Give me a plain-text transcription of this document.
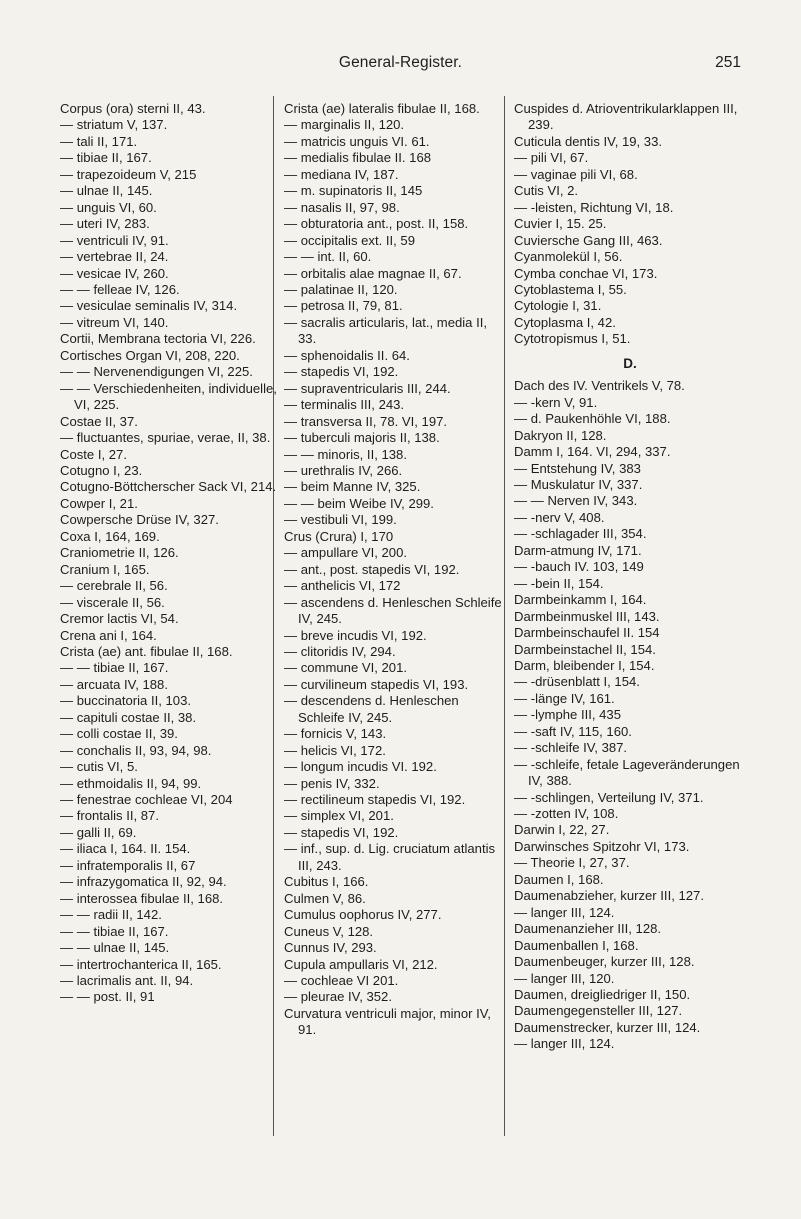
General-Register.	251

Corpus (ora) sterni II, 43.

— striatum V, 137.

— tali II, 171.

— tibiae II, 167.

— trapezoideum V, 215

— ulnae II, 145.

— unguis VI, 60.

— uteri IV, 283.

— ventriculi IV, 91.

— vertebrae II, 24.

— vesicae IV, 260.

— — felleae IV, 126.

— vesiculae seminalis IV, 314.

— vitreum VI, 140.

Cortii, Membrana tectoria VI, 226.

Cortisches Organ VI, 208, 220.

— — Nervenendigungen VI, 225.

— — Verschiedenheiten, individuelle, VI, 225.

Costae II, 37.

— fluctuantes, spuriae, verae, II, 38.

Coste I, 27.

Cotugno I, 23.

Cotugno-Böttcherscher Sack VI, 214.

Cowper I, 21.

Cowpersche Drüse IV, 327.

Coxa I, 164, 169.

Craniometrie II, 126.

Cranium I, 165.

— cerebrale II, 56.

— viscerale II, 56.

Cremor lactis VI, 54.

Crena ani I, 164.

Crista (ae) ant. fibulae II, 168.

— — tibiae II, 167.

— arcuata IV, 188.

— buccinatoria II, 103.

— capituli costae II, 38.

— colli costae II, 39.

— conchalis II, 93, 94, 98.

— cutis VI, 5.

— ethmoidalis II, 94, 99.

— fenestrae cochleae VI, 204

— frontalis II, 87.

— galli II, 69.

— iliaca I, 164. II. 154.

— infratemporalis II, 67

— infrazygomatica II, 92, 94.

— interossea fibulae II, 168.

— — radii II, 142.

— — tibiae II, 167.

— — ulnae II, 145.

— intertrochanterica II, 165.

— lacrimalis ant. II, 94.

— — post. II, 91

Crista (ae) lateralis fibulae II, 168.

— marginalis II, 120.

— matricis unguis VI. 61.

— medialis fibulae II. 168

— mediana IV, 187.

— m. supinatoris II, 145

— nasalis II, 97, 98.

— obturatoria ant., post. II, 158.

— occipitalis ext. II, 59

— — int. II, 60.

— orbitalis alae magnae II, 67.

— palatinae II, 120.

— petrosa II, 79, 81.

— sacralis articularis, lat., media II, 33.

— sphenoidalis II. 64.

— stapedis VI, 192.

— supraventricularis III, 244.

— terminalis III, 243.

— transversa II, 78. VI, 197.

— tuberculi majoris II, 138.

— — minoris, II, 138.

— urethralis IV, 266.

— beim Manne IV, 325.

— — beim Weibe IV, 299.

— vestibuli VI, 199.

Crus (Crura) I, 170

— ampullare VI, 200.

— ant., post. stapedis VI, 192.

— anthelicis VI, 172

— ascendens d. Henleschen Schleife IV, 245.

— breve incudis VI, 192.

— clitoridis IV, 294.

— commune VI, 201.

— curvilineum stapedis VI, 193.

— descendens d. Henleschen Schleife IV, 245.

— fornicis V, 143.

— helicis VI, 172.

— longum incudis VI. 192.

— penis IV, 332.

— rectilineum stapedis VI, 192.

— simplex VI, 201.

— stapedis VI, 192.

— inf., sup. d. Lig. cruciatum atlantis III, 243.

Cubitus I, 166.

Culmen V, 86.

Cumulus oophorus IV, 277.

Cuneus V, 128.

Cunnus IV, 293.

Cupula ampullaris VI, 212.

— cochleae VI 201.

— pleurae IV, 352.

Curvatura ventriculi major, minor IV, 91.

Cuspides d. Atrioventrikularklappen III, 239.

Cuticula dentis IV, 19, 33.

— pili VI, 67.

— vaginae pili VI, 68.

Cutis VI, 2.

— -leisten, Richtung VI, 18.

Cuvier I, 15. 25.

Cuviersche Gang III, 463.

Cyanmolekül I, 56.

Cymba conchae VI, 173.

Cytoblastema I, 55.

Cytologie I, 31.

Cytoplasma I, 42.

Cytotropismus I, 51.

D.

Dach des IV. Ventrikels V, 78.

— -kern V, 91.

— d. Paukenhöhle VI, 188.

Dakryon II, 128.

Damm I, 164. VI, 294, 337.

— Entstehung IV, 383

— Muskulatur IV, 337.

— — Nerven IV, 343.

— -nerv V, 408.

— -schlagader III, 354.

Darm-atmung IV, 171.

— -bauch IV. 103, 149

— -bein II, 154.

Darmbeinkamm I, 164.

Darmbeinmuskel III, 143.

Darmbeinschaufel II. 154

Darmbeinstachel II, 154.

Darm, bleibender I, 154.

— -drüsenblatt I, 154.

— -länge IV, 161.

— -lymphe III, 435

— -saft IV, 115, 160.

— -schleife IV, 387.

— -schleife, fetale Lageveränderungen IV, 388.

— -schlingen, Verteilung IV, 371.

— -zotten IV, 108.

Darwin I, 22, 27.

Darwinsches Spitzohr VI, 173.

— Theorie I, 27, 37.

Daumen I, 168.

Daumenabzieher, kurzer III, 127.

— langer III, 124.

Daumenanzieher III, 128.

Daumenballen I, 168.

Daumenbeuger, kurzer III, 128.

— langer III, 120.

Daumen, dreigliedriger II, 150.

Daumengegensteller III, 127.

Daumenstrecker, kurzer III, 124.

— langer III, 124.
